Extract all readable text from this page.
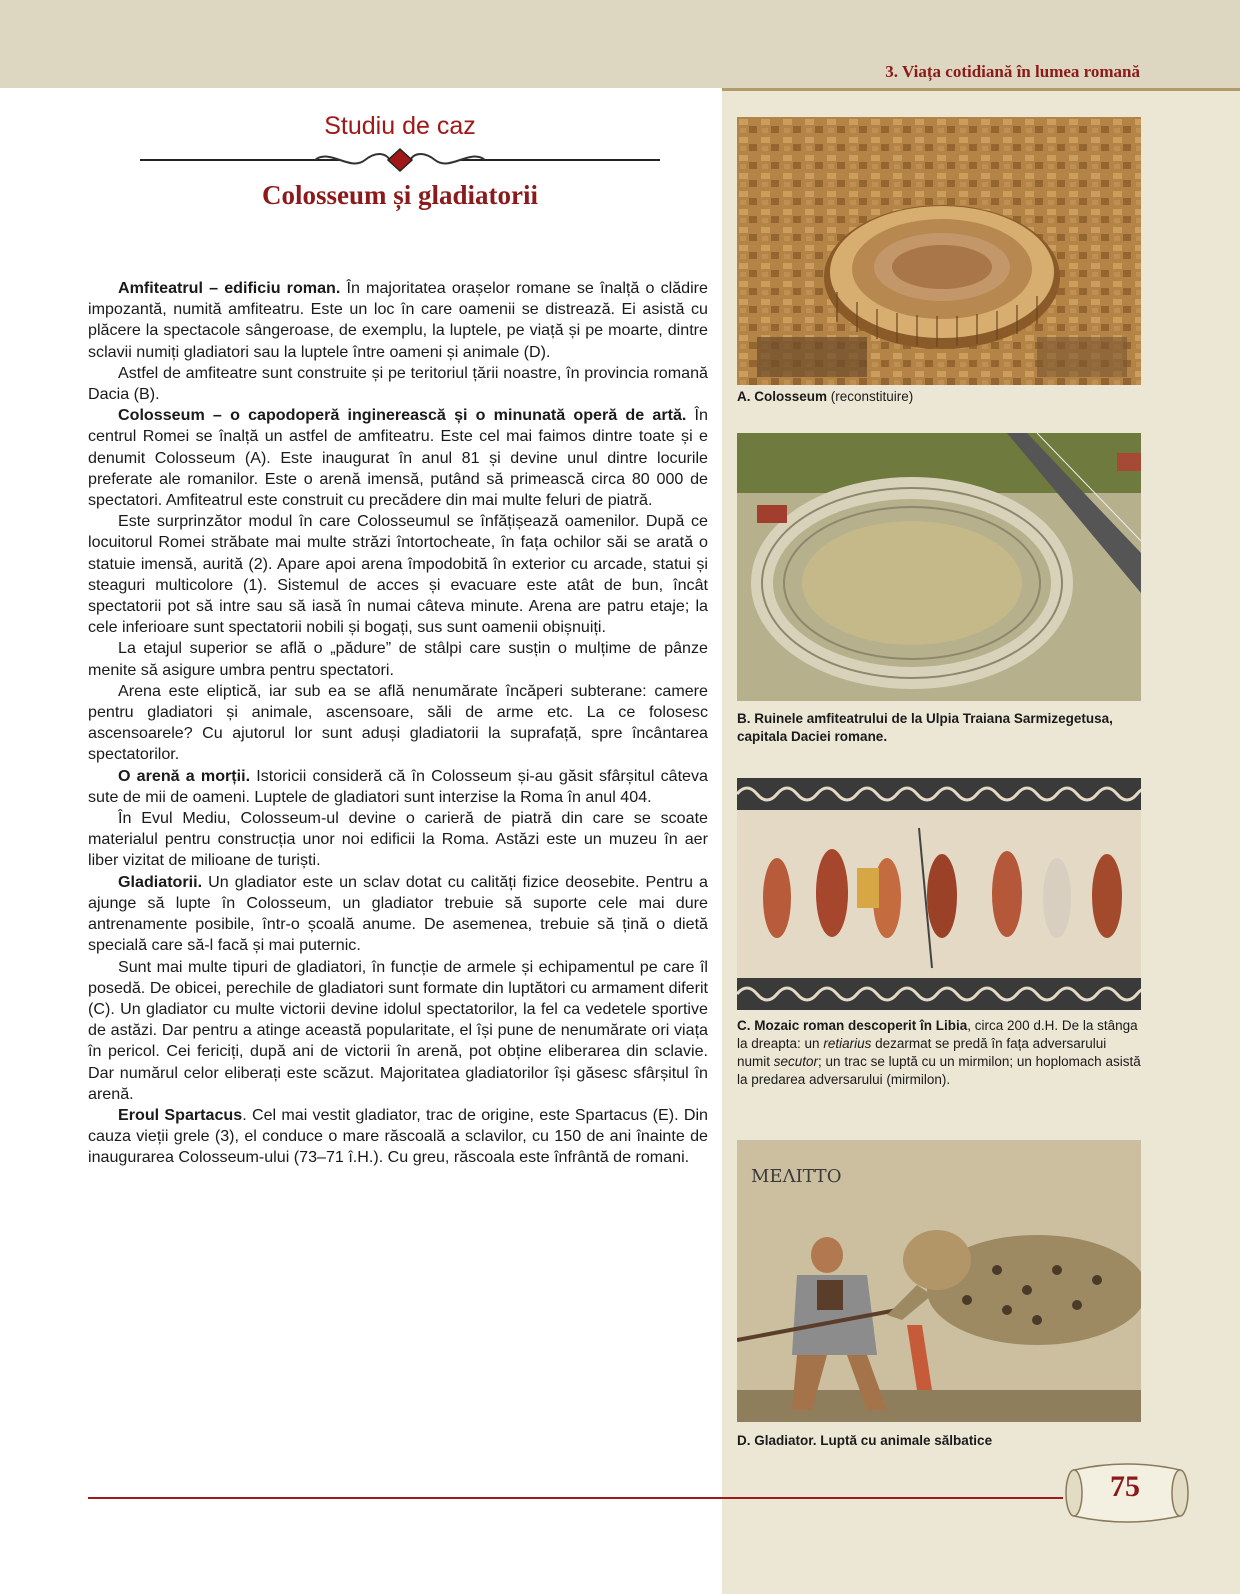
3. Viața cotidiană în lumea romană
Studiu de caz
Colosseum și gladiatorii

Amfiteatrul – edificiu roman. În majoritatea orașelor romane se înalță o clădire impozantă, numită amfiteatru. Este un loc în care oamenii se distrează. Ei asistă cu plăcere la spectacole sângeroase, de exemplu, la luptele, pe viață și pe moarte, dintre sclavii numiți gladiatori sau la luptele între oameni și animale (D).

Astfel de amfiteatre sunt construite și pe teritoriul țării noastre, în provincia romană Dacia (B).

Colosseum – o capodoperă inginerească și o minunată operă de artă. În centrul Romei se înalță un astfel de amfiteatru. Este cel mai faimos dintre toate și e denumit Colosseum (A). Este inaugurat în anul 81 și devine unul dintre locurile preferate ale romanilor. Este o arenă imensă, putând să primească circa 80 000 de spectatori. Amfiteatrul este construit cu precădere din mai multe feluri de piatră.

Este surprinzător modul în care Colosseumul se înfățișează oamenilor. După ce locuitorul Romei străbate mai multe străzi întortocheate, în fața ochilor săi se arată o statuie imensă, aurită (2). Apare apoi arena împodobită în exterior cu arcade, statui și steaguri multicolore (1). Sistemul de acces și evacuare este atât de bun, încât spectatorii pot să intre sau să iasă în numai câteva minute. Arena are patru etaje; la cele inferioare sunt spectatorii nobili și bogați, sus sunt oamenii obișnuiți.

La etajul superior se află o „pădure” de stâlpi care susțin o mulțime de pânze menite să asigure umbra pentru spectatori.

Arena este eliptică, iar sub ea se află nenumărate încăperi subterane: camere pentru gladiatori și animale, ascensoare, săli de arme etc. La ce folosesc ascensoarele? Cu ajutorul lor sunt aduși gladiatorii la suprafață, spre încântarea spectatorilor.

O arenă a morții. Istoricii consideră că în Colosseum și-au găsit sfârșitul câteva sute de mii de oameni. Luptele de gladiatori sunt interzise la Roma în anul 404.

În Evul Mediu, Colosseum-ul devine o carieră de piatră din care se scoate materialul pentru construcția unor noi edificii la Roma. Astăzi este un muzeu în aer liber vizitat de milioane de turiști.

Gladiatorii. Un gladiator este un sclav dotat cu calități fizice deosebite. Pentru a ajunge să lupte în Colosseum, un gladiator trebuie să suporte cele mai dure antrenamente posibile, într-o școală anume. De asemenea, trebuie să țină o dietă specială care să-l facă și mai puternic.

Sunt mai multe tipuri de gladiatori, în funcție de armele și echipamentul pe care îl posedă. De obicei, perechile de gladiatori sunt formate din luptători cu armament diferit (C). Un gladiator cu multe victorii devine idolul spectatorilor, la fel ca vedetele sportive de astăzi. Dar pentru a atinge această popularitate, el își pune de nenumărate ori viața în pericol. Cei fericiți, după ani de victorii în arenă, pot obține eliberarea din sclavie. Dar numărul celor eliberați este scăzut. Majoritatea gladiatorilor își găsesc sfârșitul în arenă.

Eroul Spartacus. Cel mai vestit gladiator, trac de origine, este Spartacus (E). Din cauza vieții grele (3), el conduce o mare răscoală a sclavilor, cu 150 de ani înainte de inaugurarea Colosseum-ului (73–71 î.H.). Cu greu, răscoala este înfrântă de romani.

A. Colosseum (reconstituire)
B. Ruinele amfiteatrului de la Ulpia Traiana Sarmizegetusa, capitala Daciei romane.
C. Mozaic roman descoperit în Libia, circa 200 d.H. De la stânga la dreapta: un retiarius dezarmat se predă în fața adversarului numit secutor; un trac se luptă cu un mirmilon; un hoplomach asistă la predarea adversarului (mirmilon).
ΜΕΛΙΤΤΟ
D. Gladiator. Luptă cu animale sălbatice
75
